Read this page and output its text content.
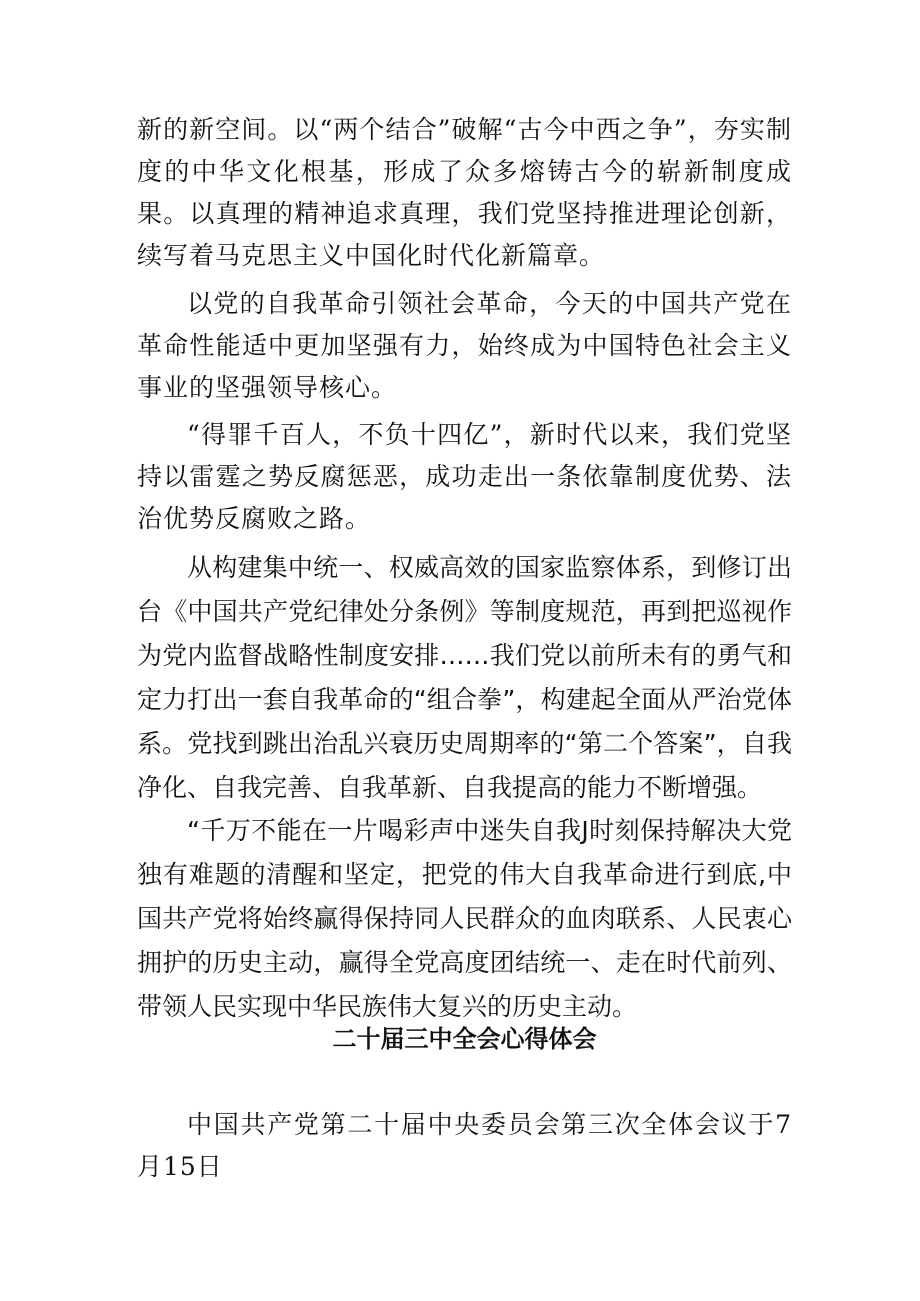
新的新空间。以“两个结合”破解“古今中西之争”，夯实制度的中华文化根基，形成了众多熔铸古今的崭新制度成果。以真理的精神追求真理，我们党坚持推进理论创新，续写着马克思主义中国化时代化新篇章。

以党的自我革命引领社会革命，今天的中国共产党在革命性能适中更加坚强有力，始终成为中国特色社会主义事业的坚强领导核心。

“得罪千百人，不负十四亿”，新时代以来，我们党坚持以雷霆之势反腐惩恶，成功走出一条依靠制度优势、法治优势反腐败之路。

从构建集中统一、权威高效的国家监察体系，到修订出台《中国共产党纪律处分条例》等制度规范，再到把巡视作为党内监督战略性制度安排……我们党以前所未有的勇气和定力打出一套自我革命的“组合拳”，构建起全面从严治党体系。党找到跳出治乱兴衰历史周期率的“第二个答案”，自我净化、自我完善、自我革新、自我提高的能力不断增强。

“千万不能在一片喝彩声中迷失自我J时刻保持解决大党独有难题的清醒和坚定，把党的伟大自我革命进行到底,中国共产党将始终赢得保持同人民群众的血肉联系、人民衷心拥护的历史主动，赢得全党高度团结统一、走在时代前列、带领人民实现中华民族伟大复兴的历史主动。

二十届三中全会心得体会

中国共产党第二十届中央委员会第三次全体会议于7月15日
